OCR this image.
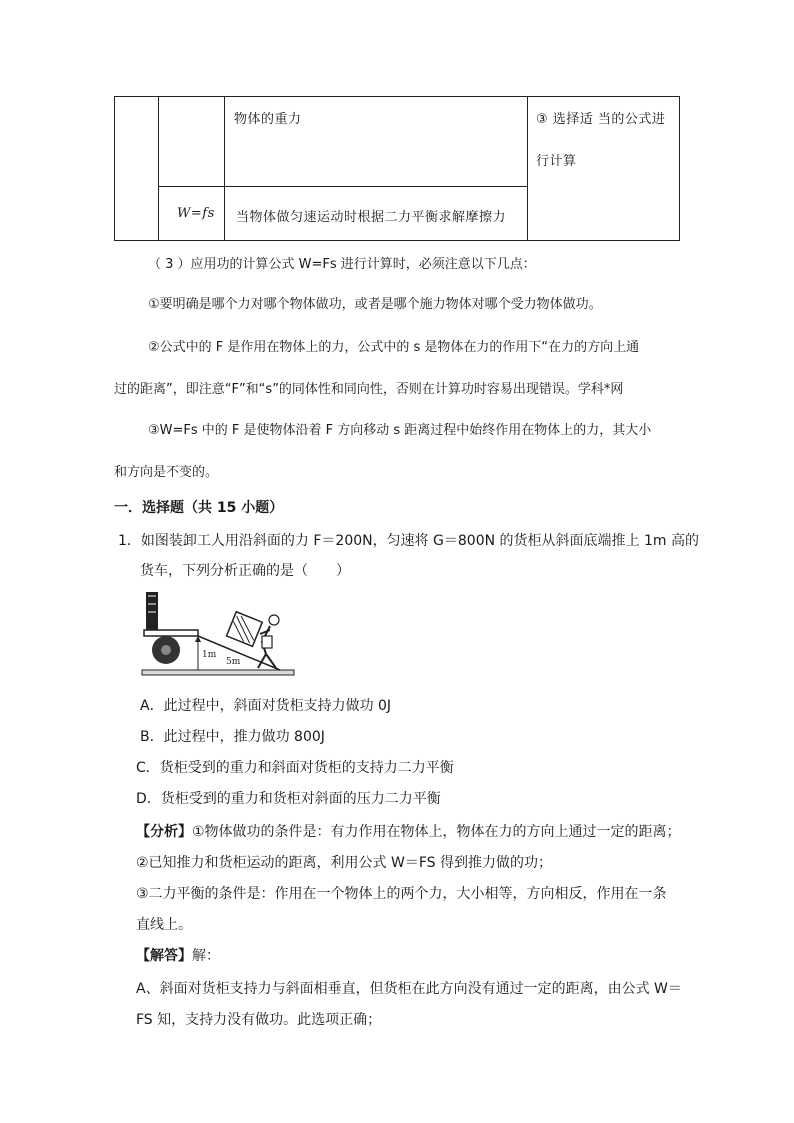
物体的重力
W=fs 当物体做匀速运动时根据二力平衡求解摩擦力
③ 选择适 当的公式进
行计算
（ 3 ）应用功的计算公式 W=Fs 进行计算时，必须注意以下几点：
①要明确是哪个力对哪个物体做功，或者是哪个施力物体对哪个受力物体做功。
②公式中的 F 是作用在物体上的力，公式中的 s 是物体在力的作用下“在力的方向上通
过的距离”，即注意“F”和“s”的同体性和同向性，否则在计算功时容易出现错误。学科*网
③W=Fs 中的 F 是使物体沿着 F 方向移动 s 距离过程中始终作用在物体上的力，其大小
和方向是不变的。
一．选择题（共 15 小题）
1．如图装卸工人用沿斜面的力 F＝200N，匀速将 G＝800N 的货柜从斜面底端推上 1m 高的
货车，下列分析正确的是（　　）
1m
5m
A．此过程中，斜面对货柜支持力做功 0J
B．此过程中，推力做功 800J
C．货柜受到的重力和斜面对货柜的支持力二力平衡
D．货柜受到的重力和货柜对斜面的压力二力平衡
【分析】①物体做功的条件是：有力作用在物体上，物体在力的方向上通过一定的距离；
②已知推力和货柜运动的距离，利用公式 W＝FS 得到推力做的功；
③二力平衡的条件是：作用在一个物体上的两个力，大小相等，方向相反，作用在一条
直线上。
【解答】解：
A、斜面对货柜支持力与斜面相垂直，但货柜在此方向没有通过一定的距离，由公式 W＝
FS 知，支持力没有做功。此选项正确；
